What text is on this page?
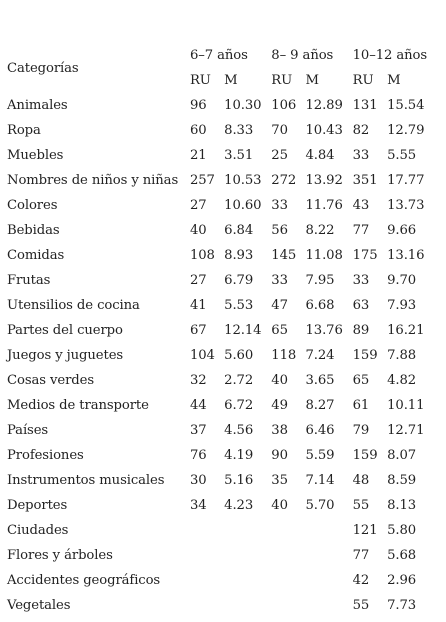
Categorías	6–7 años		8– 9 años		10–12 años	
	RU	M	RU	M	RU	M
Animales	96	10.30	106	12.89	131	15.54
Ropa	60	8.33	70	10.43	82	12.79
Muebles	21	3.51	25	4.84	33	5.55
Nombres de niños y niñas	257	10.53	272	13.92	351	17.77
Colores	27	10.60	33	11.76	43	13.73
Bebidas	40	6.84	56	8.22	77	9.66
Comidas	108	8.93	145	11.08	175	13.16
Frutas	27	6.79	33	7.95	33	9.70
Utensilios de cocina	41	5.53	47	6.68	63	7.93
Partes del cuerpo	67	12.14	65	13.76	89	16.21
Juegos y juguetes	104	5.60	118	7.24	159	7.88
Cosas verdes	32	2.72	40	3.65	65	4.82
Medios de transporte	44	6.72	49	8.27	61	10.11
Países	37	4.56	38	6.46	79	12.71
Profesiones	76	4.19	90	5.59	159	8.07
Instrumentos musicales	30	5.16	35	7.14	48	8.59
Deportes	34	4.23	40	5.70	55	8.13
Ciudades					121	5.80
Flores y árboles					77	5.68
Accidentes geográficos					42	2.96
Vegetales					55	7.73
